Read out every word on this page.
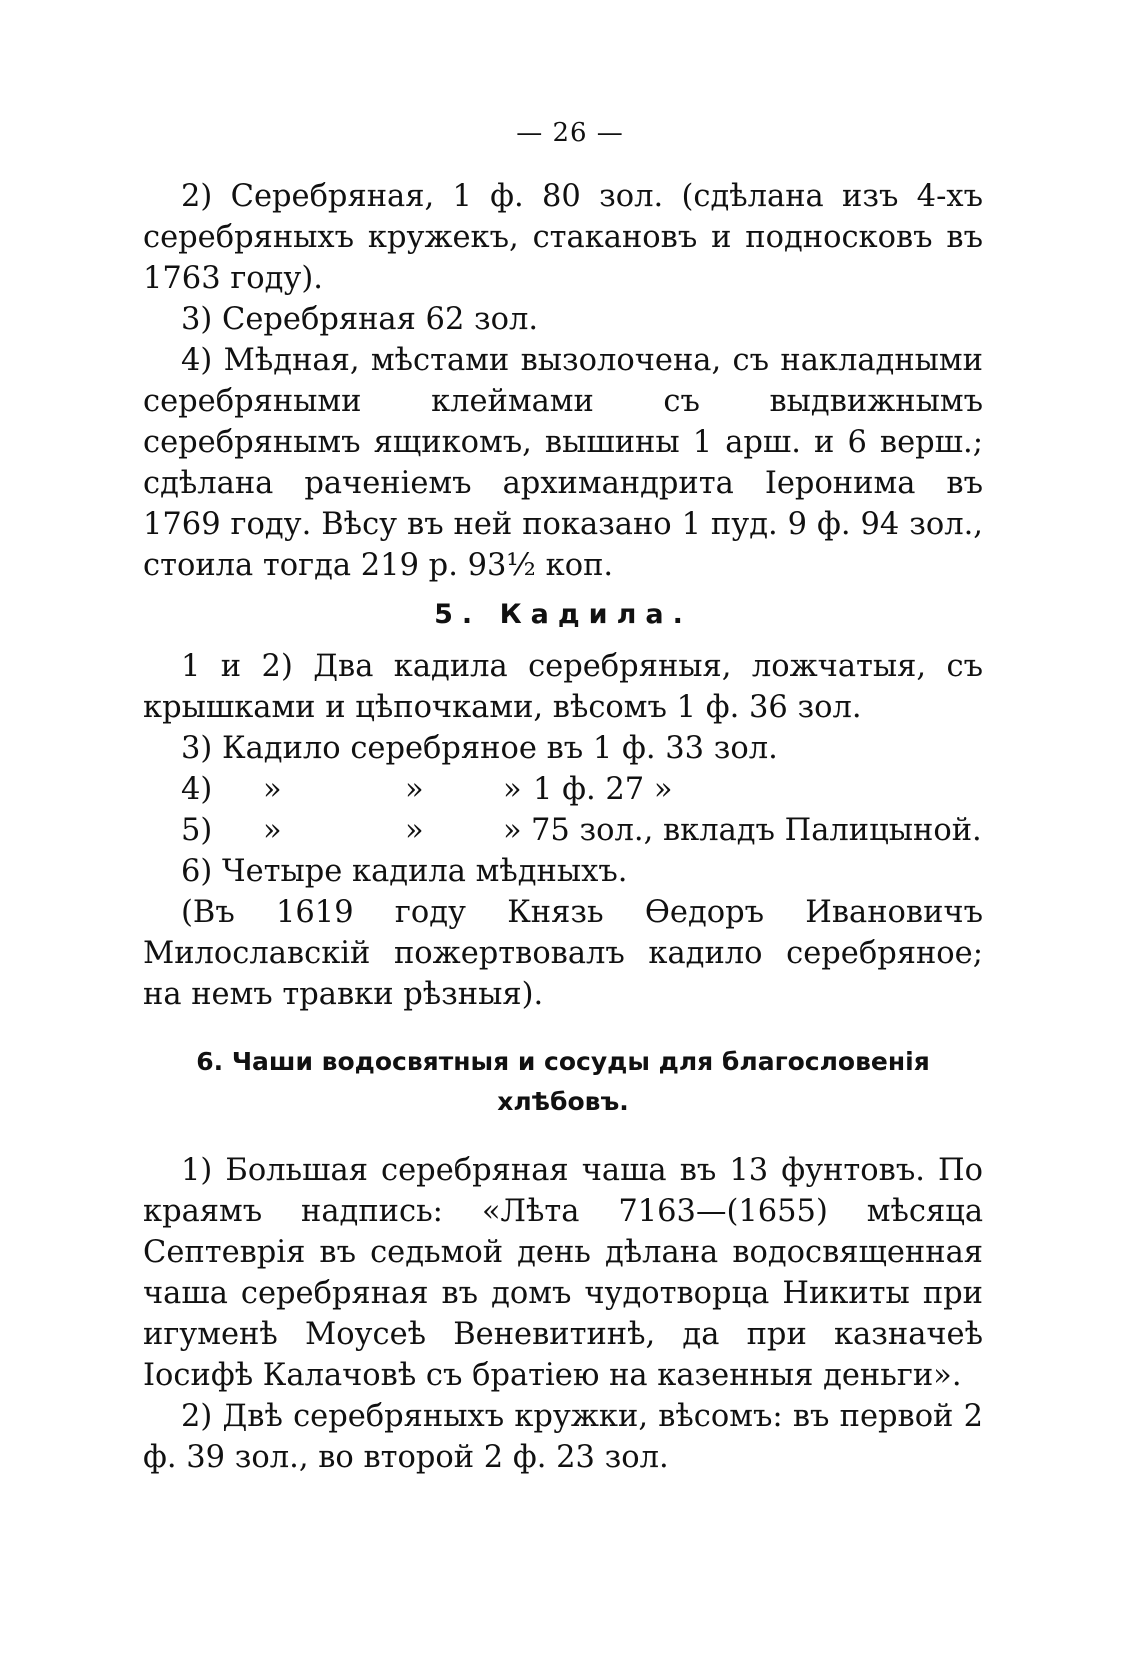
— 26 —

2) Серебряная, 1 ф. 80 зол. (сдѣлана изъ 4-хъ серебряныхъ кружекъ, стакановъ и подносковъ въ 1763 году).

3) Серебряная 62 зол.

4) Мѣдная, мѣстами вызолочена, съ накладными серебряными клеймами съ выдвижнымъ серебрянымъ ящикомъ, вышины 1 арш. и 6 верш.; сдѣлана раченіемъ архимандрита Іеронима въ 1769 году. Вѣсу въ ней показано 1 пуд. 9 ф. 94 зол., стоила тогда 219 р. 93½ коп.

5. Кадила.

1 и 2) Два кадила серебряныя, ложчатыя, съ крышками и цѣпочками, вѣсомъ 1 ф. 36 зол.

3) Кадило серебряное въ 1 ф. 33 зол.

4) »	»	» 1 ф. 27 »

5) »	»	» 75 зол., вкладъ Палицыной.

6) Четыре кадила мѣдныхъ.

(Въ 1619 году Князь Ѳедоръ Ивановичъ Милославскій пожертвовалъ кадило серебряное; на немъ травки рѣзныя).

6. Чаши водосвятныя и сосуды для благословенія
хлѣбовъ.

1) Большая серебряная чаша въ 13 фунтовъ. По краямъ надпись: «Лѣта 7163—(1655) мѣсяца Септеврія въ седьмой день дѣлана водосвященная чаша серебряная въ домъ чудотворца Никиты при игуменѣ Моусеѣ Веневитинѣ, да при казначеѣ Іосифѣ Калачовѣ съ братіею на казенныя деньги».

2) Двѣ серебряныхъ кружки, вѣсомъ: въ первой 2 ф. 39 зол., во второй 2 ф. 23 зол.
